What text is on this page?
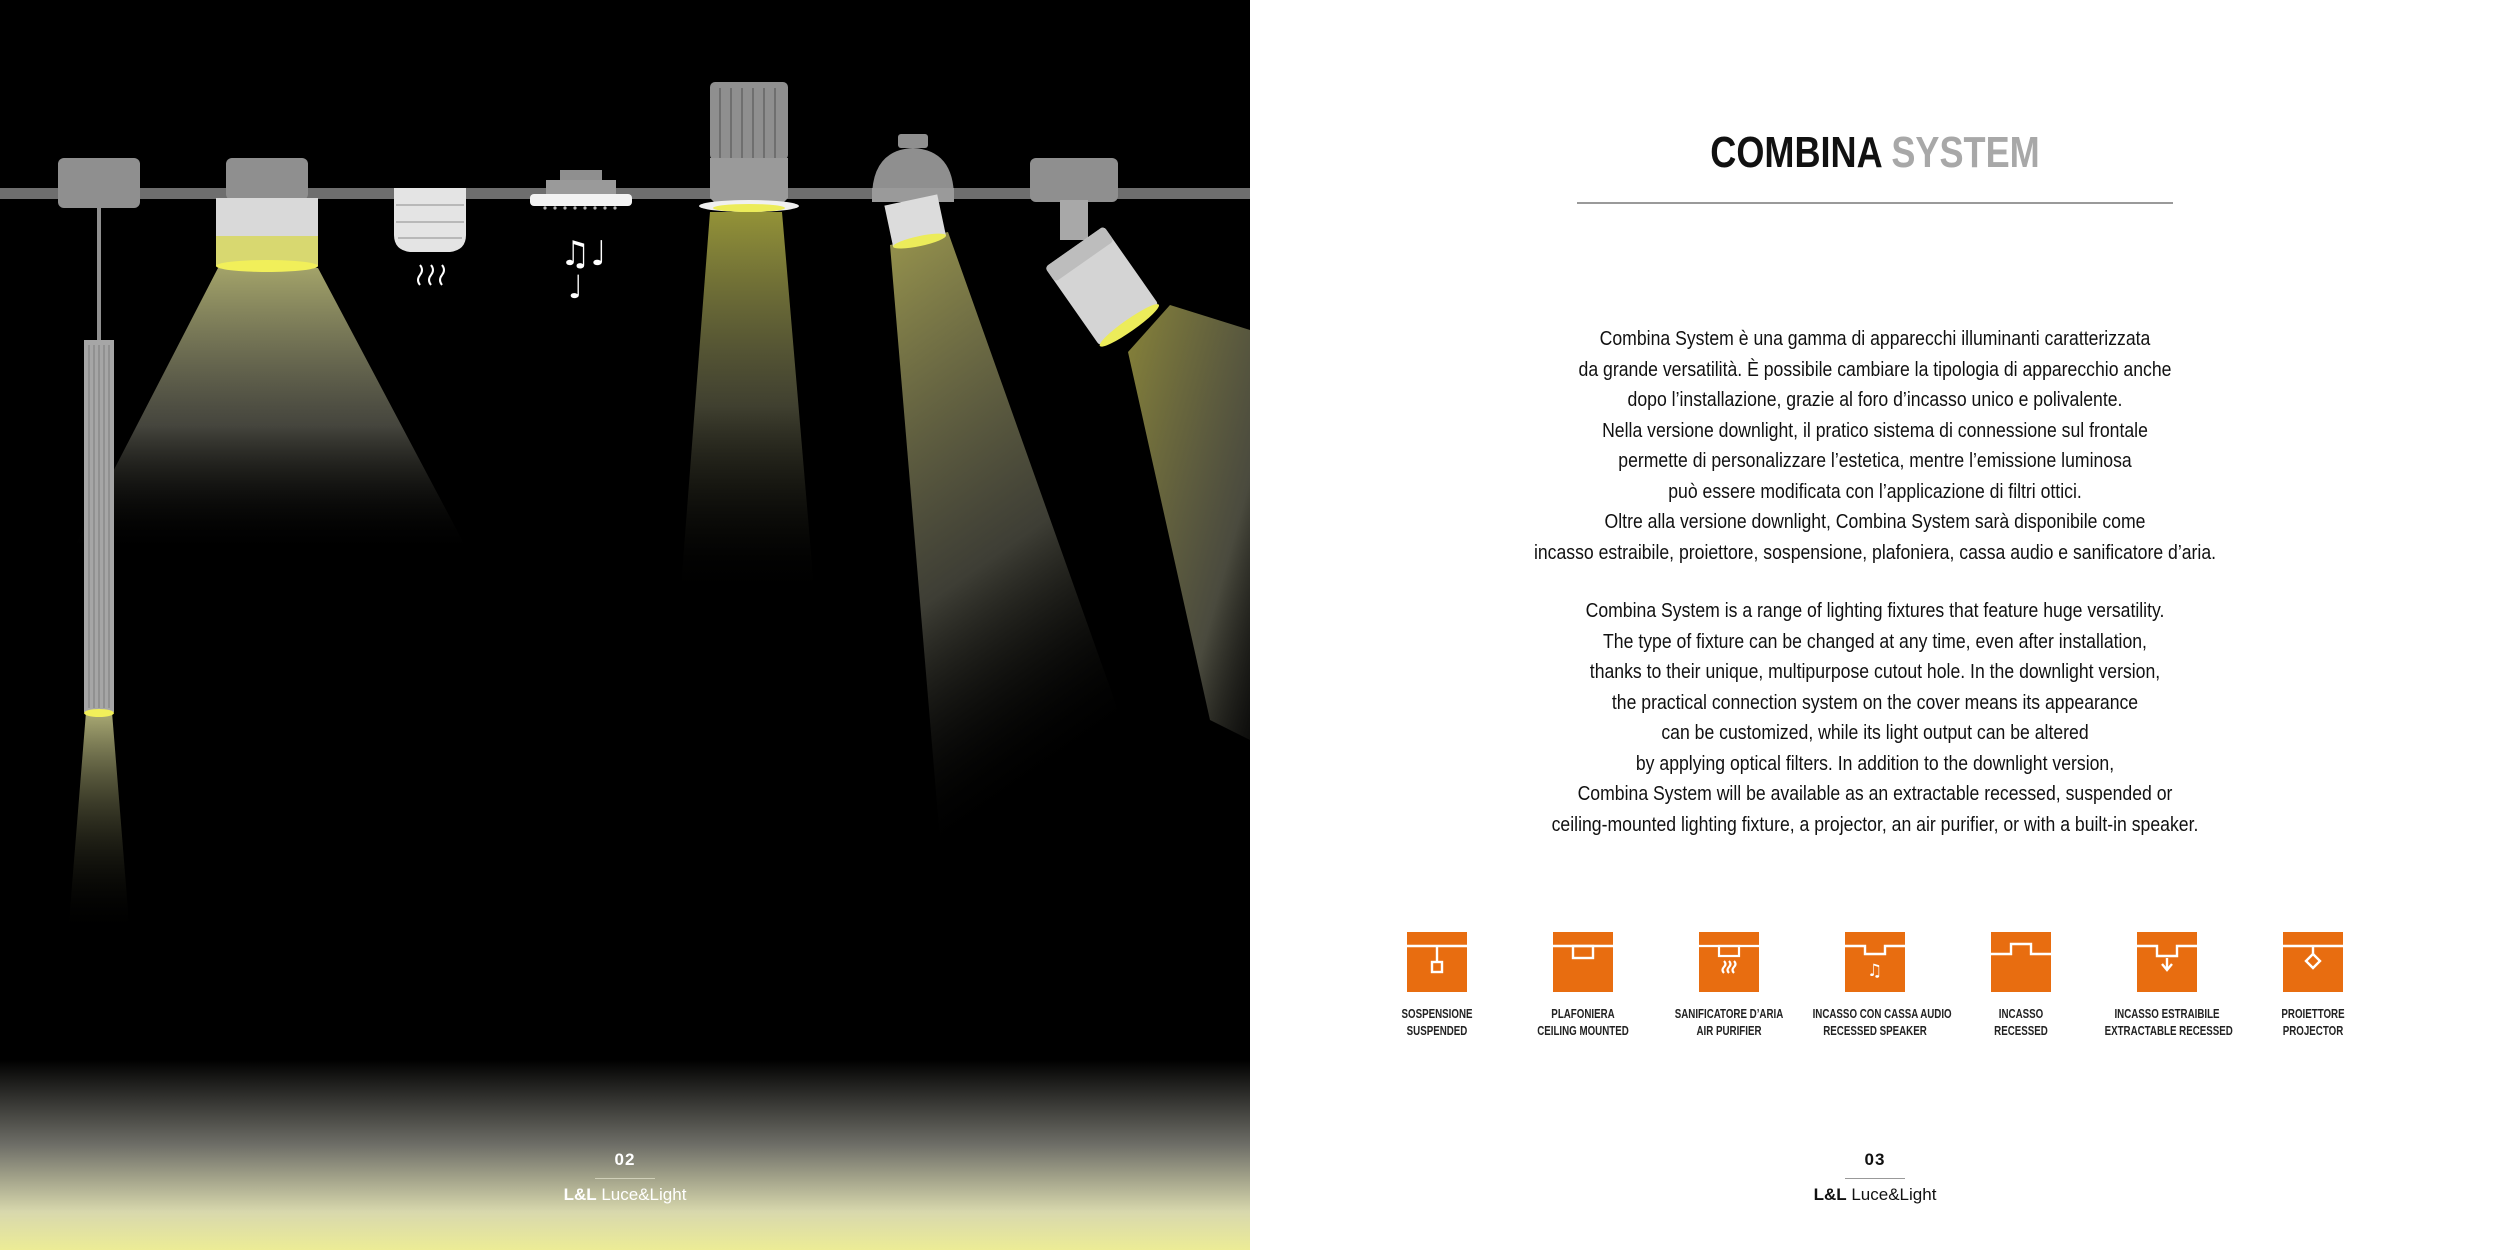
♫♩
♩
02
L&L Luce&Light
COMBINA SYSTEM
Combina System è una gamma di apparecchi illuminanti caratterizzata
da grande versatilità. È possibile cambiare la tipologia di apparecchio anche
dopo l’installazione, grazie al foro d’incasso unico e polivalente.
Nella versione downlight, il pratico sistema di connessione sul frontale
permette di personalizzare l’estetica, mentre l’emissione luminosa
può essere modificata con l’applicazione di filtri ottici.
Oltre alla versione downlight, Combina System sarà disponibile come
incasso estraibile, proiettore, sospensione, plafoniera, cassa audio e sanificatore d’aria.
Combina System is a range of lighting fixtures that feature huge versatility.
The type of fixture can be changed at any time, even after installation,
thanks to their unique, multipurpose cutout hole. In the downlight version,
the practical connection system on the cover means its appearance
can be customized, while its light output can be altered
by applying optical filters. In addition to the downlight version,
Combina System will be available as an extractable recessed, suspended or
ceiling-mounted lighting fixture, a projector, an air purifier, or with a built-in speaker.
SOSPENSIONE
SUSPENDED
PLAFONIERA
CEILING MOUNTED
SANIFICATORE D’ARIA
AIR PURIFIER
♫
INCASSO CON CASSA AUDIO
RECESSED SPEAKER
INCASSO
RECESSED
INCASSO ESTRAIBILE
EXTRACTABLE RECESSED
PROIETTORE
PROJECTOR
03
L&L Luce&Light
